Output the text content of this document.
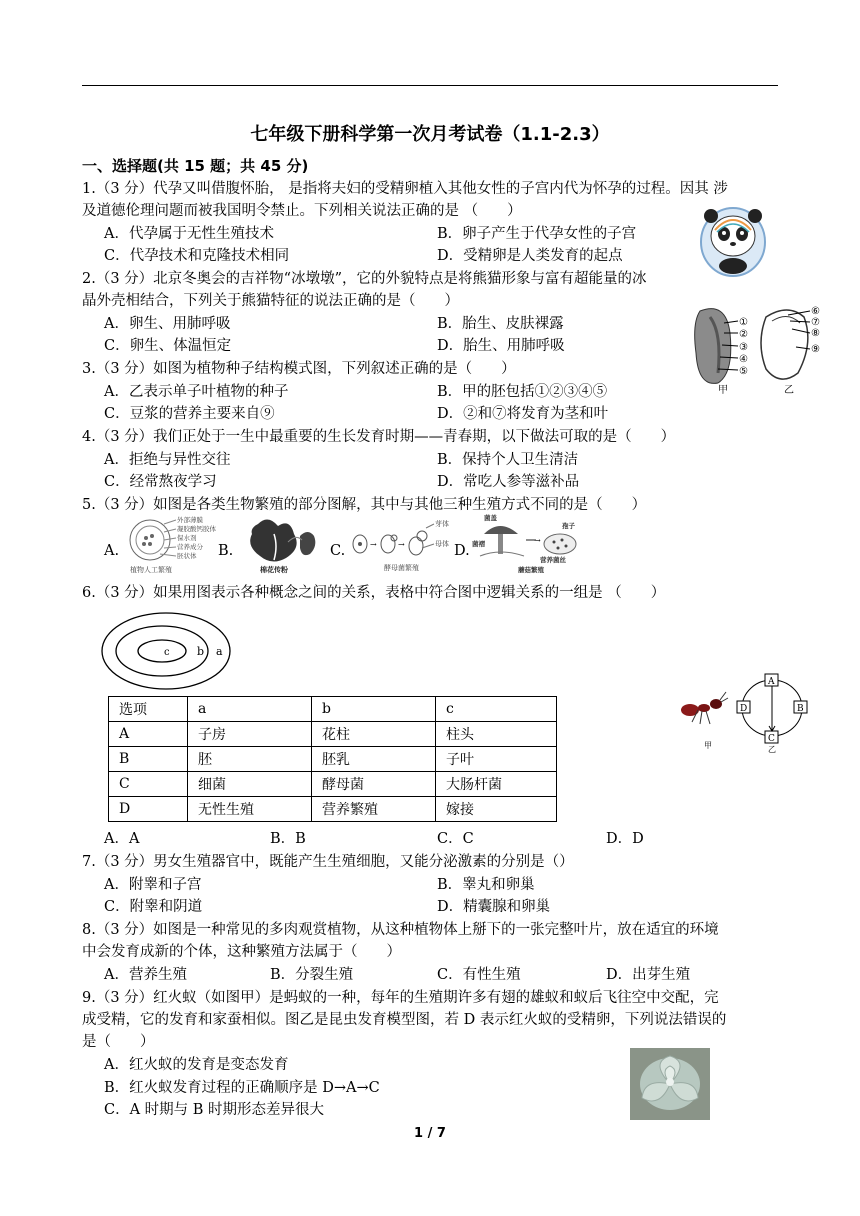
七年级下册科学第一次月考试卷（1.1-2.3）
一、选择题(共 15 题；共 45 分)
1.（3 分）代孕又叫借腹怀胎， 是指将夫妇的受精卵植入其他女性的子宫内代为怀孕的过程。因其 涉
及道德伦理问题而被我国明令禁止。下列相关说法正确的是 （　　）
A．代孕属于无性生殖技术	B．卵子产生于代孕女性的子宫
C．代孕技术和克隆技术相同	D．受精卵是人类发育的起点
2.（3 分）北京冬奥会的吉祥物“冰墩墩”，它的外貌特点是将熊猫形象与富有超能量的冰
晶外壳相结合，下列关于熊猫特征的说法正确的是（　　）
A．卵生、用肺呼吸	B．胎生、皮肤裸露
C．卵生、体温恒定	D．胎生、用肺呼吸
①
②
③
④
⑤
⑥
⑦
⑧
⑨
甲	乙
3.（3 分）如图为植物种子结构模式图，下列叙述正确的是（　　）
A．乙表示单子叶植物的种子	B．甲的胚包括①②③④⑤
C．豆浆的营养主要来自⑨	D．②和⑦将发育为茎和叶
4.（3 分）我们正处于一生中最重要的生长发育时期——青春期，以下做法可取的是（　　）
A．拒绝与异性交往	B．保持个人卫生清洁
C．经常熬夜学习	D．常吃人参等滋补品
5.（3 分）如图是各类生物繁殖的部分图解，其中与其他三种生殖方式不同的是（　　）
A.
外部薄膜
凝胶酸钙胶体
保水剂
营养成分
胚状体
植物人工繁殖
B.
棉花传粉
C.	→	→
芽体
母体
酵母菌繁殖
D.
→
菌盖
菌褶
孢子
营养菌丝
蘑菇繁殖
6.（3 分）如果用图表示各种概念之间的关系，表格中符合图中逻辑关系的一组是 （　　）
c b a
选项	a	b	c
A	子房	花柱	柱头
B	胚	胚乳	子叶
C	细菌	酵母菌	大肠杆菌
D	无性生殖	营养繁殖	嫁接
甲
A
B
C
D
乙
A．A	B．B	C．C	D．D
7.（3 分）男女生殖器官中，既能产生生殖细胞，又能分泌激素的分别是（）
A．附睾和子宫	B．睾丸和卵巢
C．附睾和阴道	D．精囊腺和卵巢
8.（3 分）如图是一种常见的多肉观赏植物，从这种植物体上掰下的一张完整叶片，放在适宜的环境
中会发育成新的个体，这种繁殖方法属于（　　）
A．营养生殖	B．分裂生殖	C．有性生殖	D．出芽生殖
9.（3 分）红火蚁（如图甲）是蚂蚁的一种，每年的生殖期许多有翅的雄蚁和蚁后飞往空中交配，完
成受精，它的发育和家蚕相似。图乙是昆虫发育模型图，若 D 表示红火蚁的受精卵，下列说法错误的
是（　　）
A．红火蚁的发育是变态发育
B．红火蚁发育过程的正确顺序是 D→A→C
C．A 时期与 B 时期形态差异很大
1 / 7
